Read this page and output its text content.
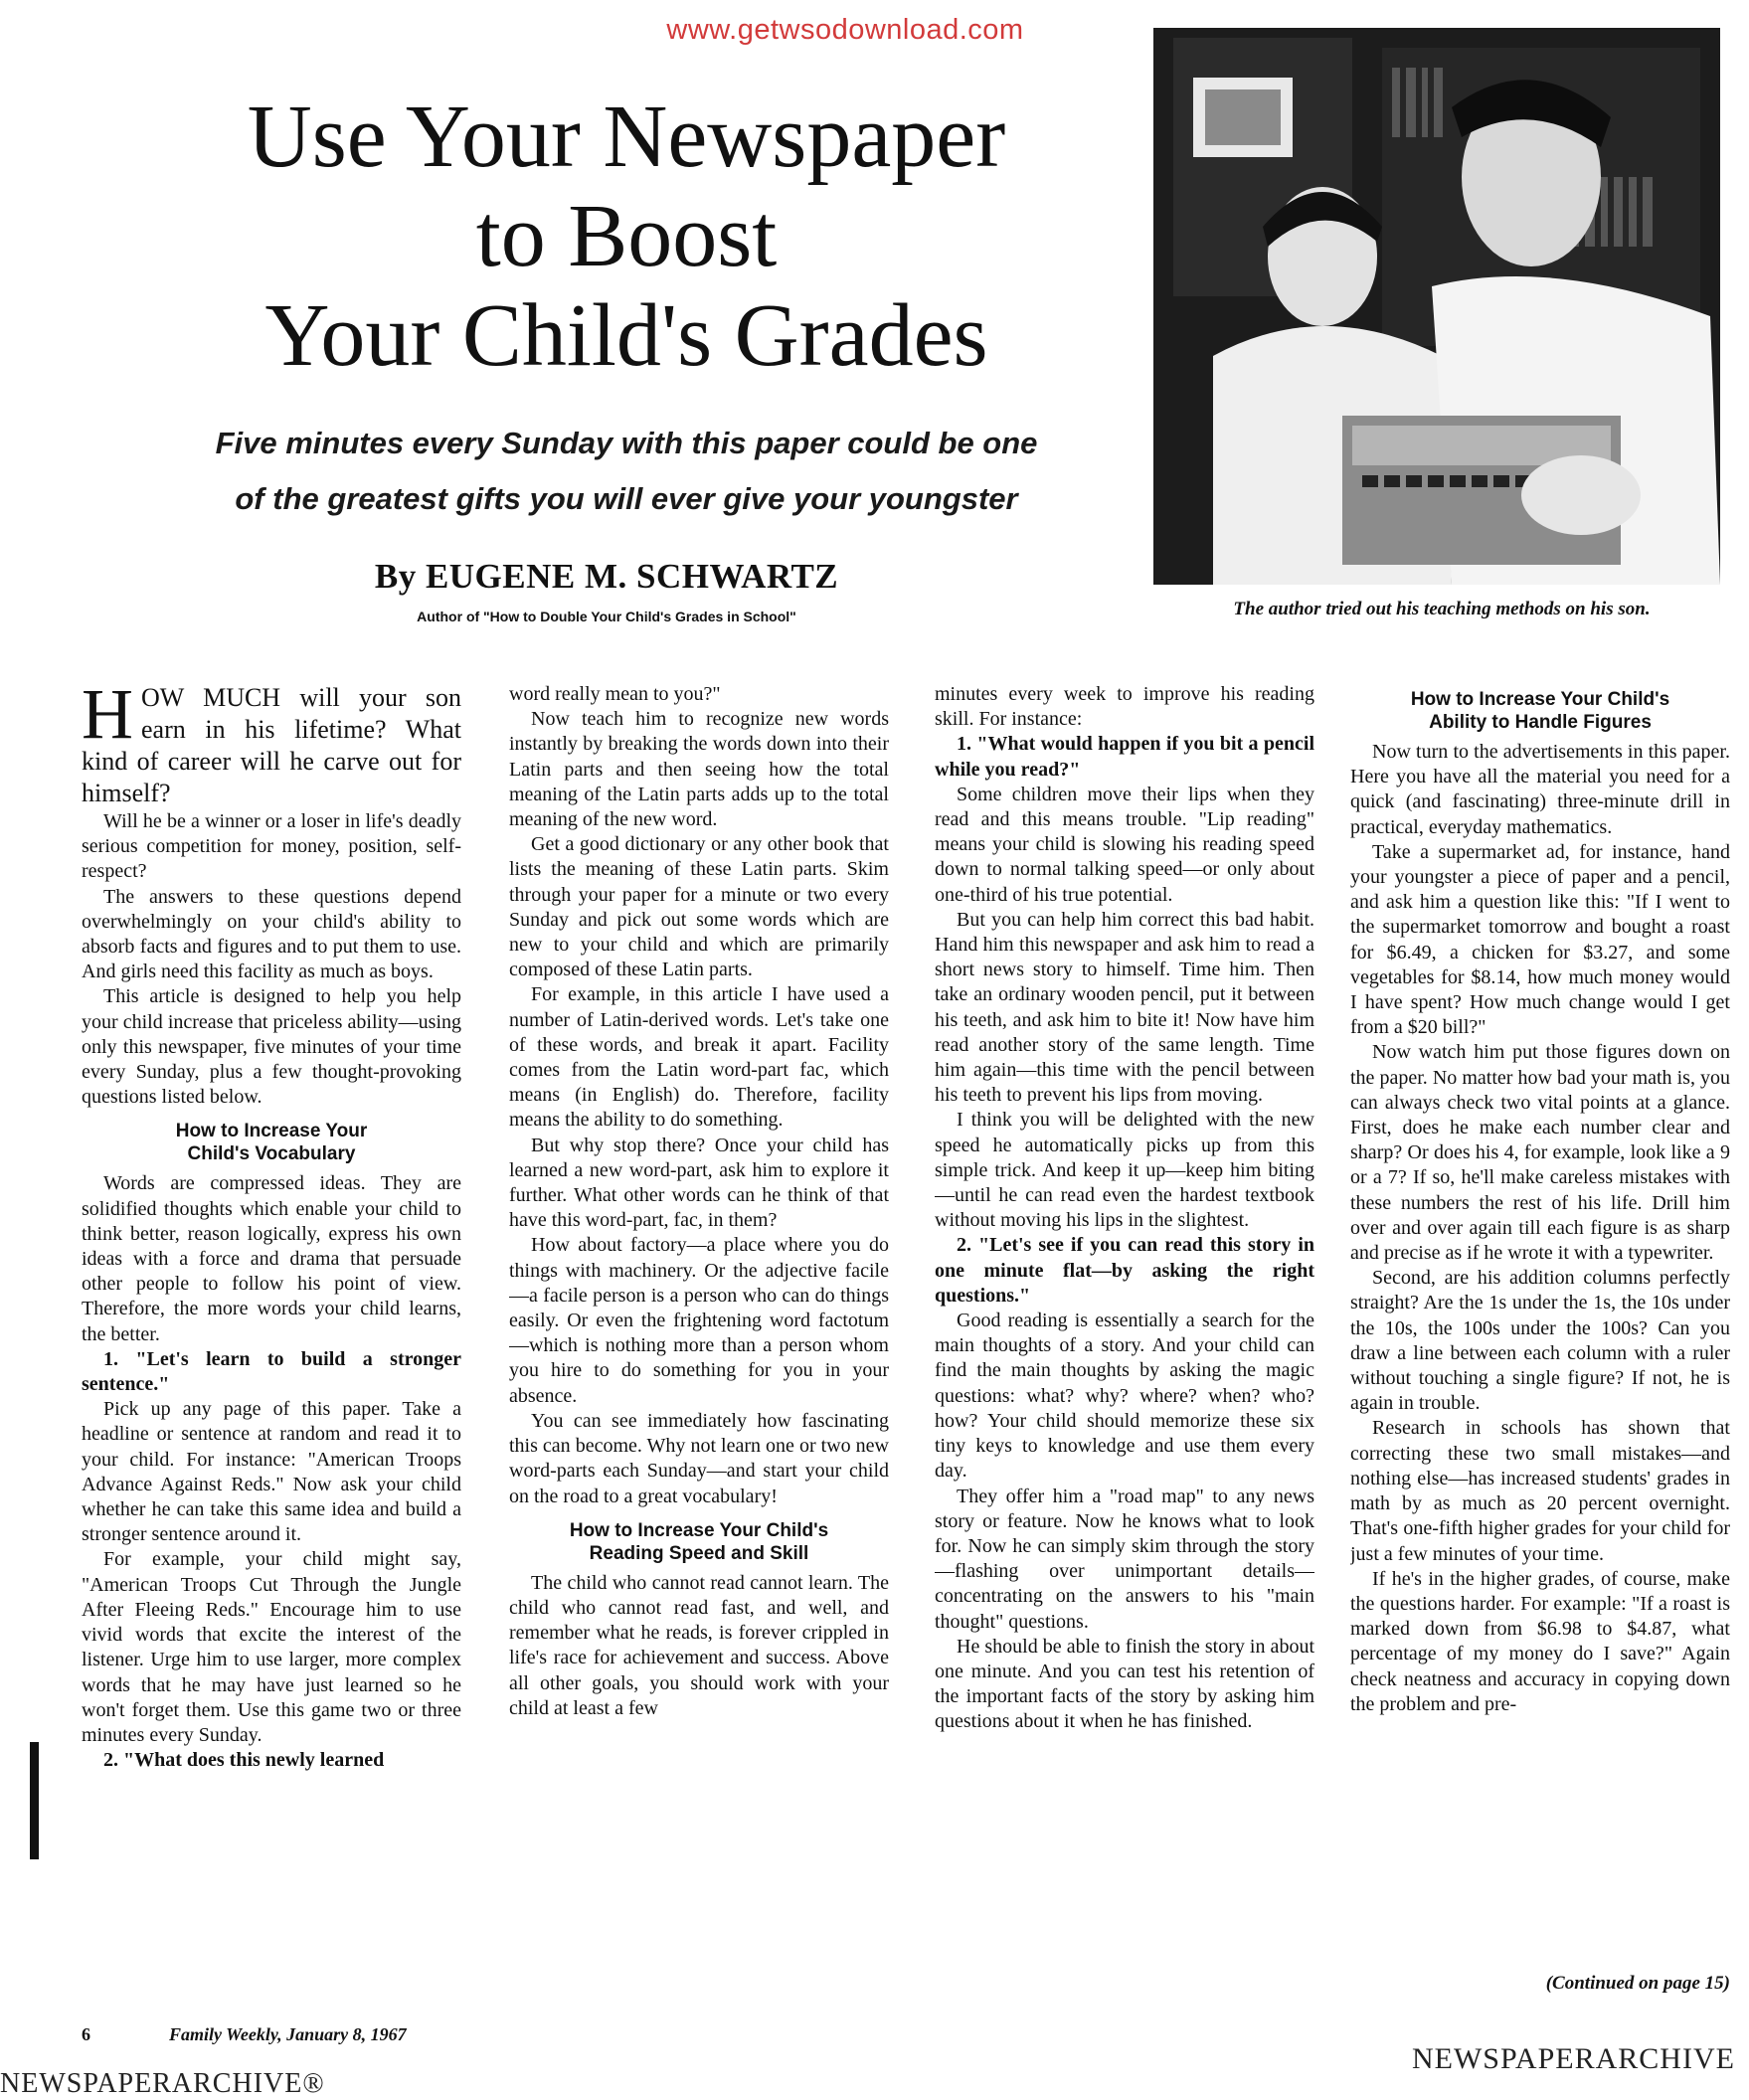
www.getwsodownload.com
Use Your Newspaper
to Boost
Your Child's Grades
Five minutes every Sunday with this paper could be one
of the greatest gifts you will ever give your youngster
By EUGENE M. SCHWARTZ
Author of "How to Double Your Child's Grades in School"	The author tried out his teaching methods on his son.

HOW MUCH will your son earn in his lifetime? What kind of career will he carve out for himself?

Will he be a winner or a loser in life's deadly serious competition for money, position, self-respect?

The answers to these questions depend overwhelmingly on your child's ability to absorb facts and figures and to put them to use. And girls need this facility as much as boys.

This article is designed to help you help your child increase that priceless ability—using only this newspaper, five minutes of your time every Sunday, plus a few thought-provoking questions listed below.

How to Increase Your
Child's Vocabulary

Words are compressed ideas. They are solidified thoughts which enable your child to think better, reason logically, express his own ideas with a force and drama that persuade other people to follow his point of view. Therefore, the more words your child learns, the better.

1. "Let's learn to build a stronger sentence."

Pick up any page of this paper. Take a headline or sentence at random and read it to your child. For instance: "American Troops Advance Against Reds." Now ask your child whether he can take this same idea and build a stronger sentence around it.

For example, your child might say, "American Troops Cut Through the Jungle After Fleeing Reds." Encourage him to use vivid words that excite the interest of the listener. Urge him to use larger, more complex words that he may have just learned so he won't forget them. Use this game two or three minutes every Sunday.

2. "What does this newly learned

word really mean to you?"

Now teach him to recognize new words instantly by breaking the words down into their Latin parts and then seeing how the total meaning of the Latin parts adds up to the total meaning of the new word.

Get a good dictionary or any other book that lists the meaning of these Latin parts. Skim through your paper for a minute or two every Sunday and pick out some words which are new to your child and which are primarily composed of these Latin parts.

For example, in this article I have used a number of Latin-derived words. Let's take one of these words, and break it apart. Facility comes from the Latin word-part fac, which means (in English) do. Therefore, facility means the ability to do something.

But why stop there? Once your child has learned a new word-part, ask him to explore it further. What other words can he think of that have this word-part, fac, in them?

How about factory—a place where you do things with machinery. Or the adjective facile—a facile person is a person who can do things easily. Or even the frightening word factotum—which is nothing more than a person whom you hire to do something for you in your absence.

You can see immediately how fascinating this can become. Why not learn one or two new word-parts each Sunday—and start your child on the road to a great vocabulary!

How to Increase Your Child's
Reading Speed and Skill

The child who cannot read cannot learn. The child who cannot read fast, and well, and remember what he reads, is forever crippled in life's race for achievement and success. Above all other goals, you should work with your child at least a few

minutes every week to improve his reading skill. For instance:

1. "What would happen if you bit a pencil while you read?"

Some children move their lips when they read and this means trouble. "Lip reading" means your child is slowing his reading speed down to normal talking speed—or only about one-third of his true potential.

But you can help him correct this bad habit. Hand him this newspaper and ask him to read a short news story to himself. Time him. Then take an ordinary wooden pencil, put it between his teeth, and ask him to bite it! Now have him read another story of the same length. Time him again—this time with the pencil between his teeth to prevent his lips from moving.

I think you will be delighted with the new speed he automatically picks up from this simple trick. And keep it up—keep him biting—until he can read even the hardest textbook without moving his lips in the slightest.

2. "Let's see if you can read this story in one minute flat—by asking the right questions."

Good reading is essentially a search for the main thoughts of a story. And your child can find the main thoughts by asking the magic questions: what? why? where? when? who? how? Your child should memorize these six tiny keys to knowledge and use them every day.

They offer him a "road map" to any news story or feature. Now he knows what to look for. Now he can simply skim through the story—flashing over unimportant details—concentrating on the answers to his "main thought" questions.

He should be able to finish the story in about one minute. And you can test his retention of the important facts of the story by asking him questions about it when he has finished.

How to Increase Your Child's
Ability to Handle Figures

Now turn to the advertisements in this paper. Here you have all the material you need for a quick (and fascinating) three-minute drill in practical, everyday mathematics.

Take a supermarket ad, for instance, hand your youngster a piece of paper and a pencil, and ask him a question like this: "If I went to the supermarket tomorrow and bought a roast for $6.49, a chicken for $3.27, and some vegetables for $8.14, how much money would I have spent? How much change would I get from a $20 bill?"

Now watch him put those figures down on the paper. No matter how bad your math is, you can always check two vital points at a glance. First, does he make each number clear and sharp? Or does his 4, for example, look like a 9 or a 7? If so, he'll make careless mistakes with these numbers the rest of his life. Drill him over and over again till each figure is as sharp and precise as if he wrote it with a typewriter.

Second, are his addition columns perfectly straight? Are the 1s under the 1s, the 10s under the 10s, the 100s under the 100s? Can you draw a line between each column with a ruler without touching a single figure? If not, he is again in trouble.

Research in schools has shown that correcting these two small mistakes—and nothing else—has increased students' grades in math by as much as 20 percent overnight. That's one-fifth higher grades for your child for just a few minutes of your time.

If he's in the higher grades, of course, make the questions harder. For example: "If a roast is marked down from $6.98 to $4.87, what percentage of my money do I save?" Again check neatness and accuracy in copying down the problem and pre-

(Continued on page 15)
6	Family Weekly, January 8, 1967
NEWSPAPERARCHIVE®
NEWSPAPERARCHIVE
